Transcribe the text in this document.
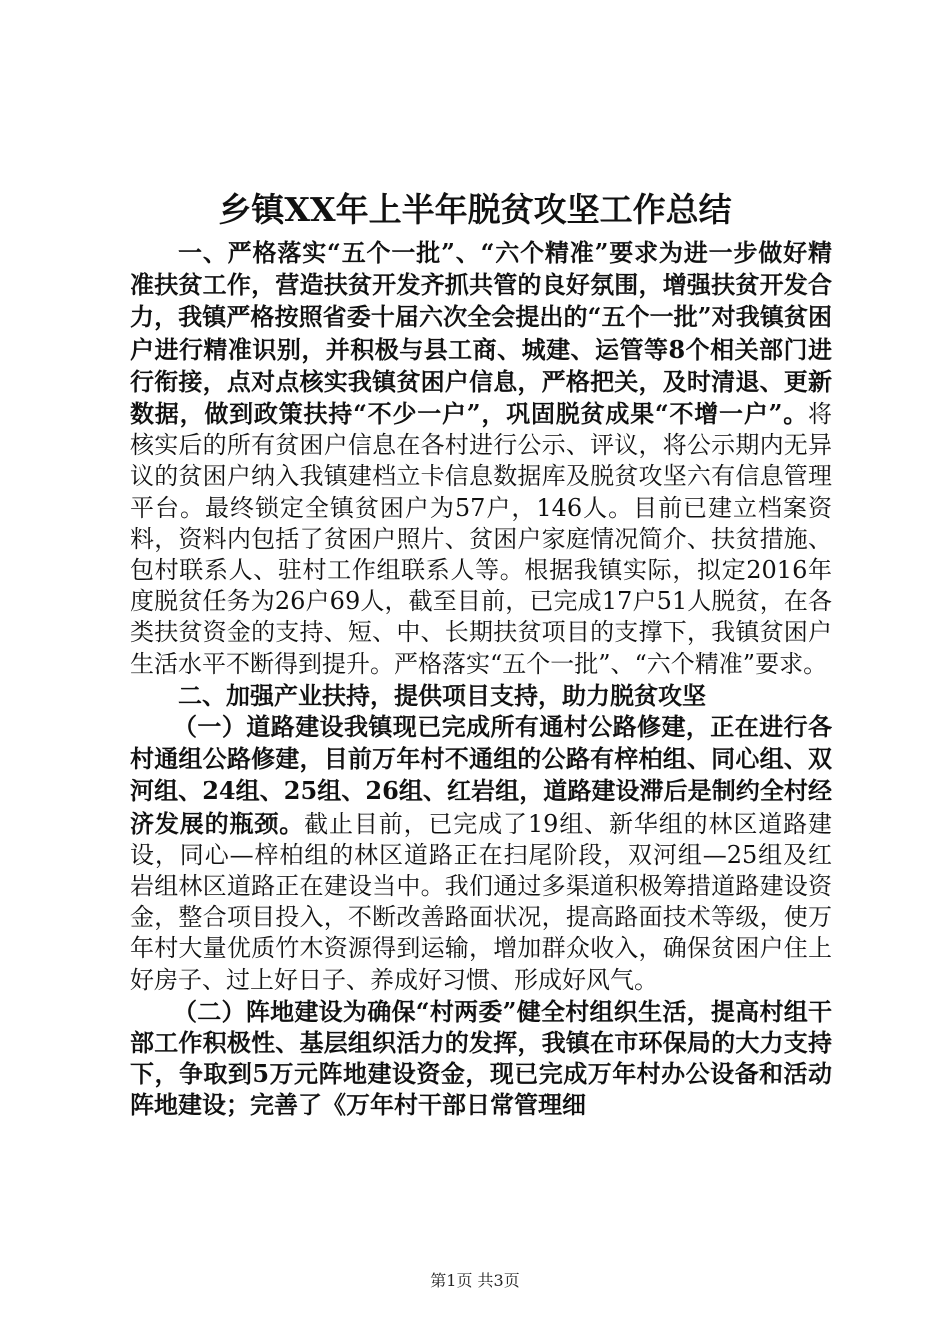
乡镇XX年上半年脱贫攻坚工作总结

一、严格落实“五个一批”、“六个精准”要求为进一步做好精准扶贫工作，营造扶贫开发齐抓共管的良好氛围，增强扶贫开发合力，我镇严格按照省委十届六次全会提出的“五个一批”对我镇贫困户进行精准识别，并积极与县工商、城建、运管等8个相关部门进行衔接，点对点核实我镇贫困户信息，严格把关，及时清退、更新数据，做到政策扶持“不少一户”，巩固脱贫成果“不增一户”。将核实后的所有贫困户信息在各村进行公示、评议，将公示期内无异议的贫困户纳入我镇建档立卡信息数据库及脱贫攻坚六有信息管理平台。最终锁定全镇贫困户为57户，146人。目前已建立档案资料，资料内包括了贫困户照片、贫困户家庭情况简介、扶贫措施、包村联系人、驻村工作组联系人等。根据我镇实际，拟定2016年度脱贫任务为26户69人，截至目前，已完成17户51人脱贫，在各类扶贫资金的支持、短、中、长期扶贫项目的支撑下，我镇贫困户生活水平不断得到提升。严格落实“五个一批”、“六个精准”要求。

二、加强产业扶持，提供项目支持，助力脱贫攻坚

（一）道路建设我镇现已完成所有通村公路修建，正在进行各村通组公路修建，目前万年村不通组的公路有梓柏组、同心组、双河组、24组、25组、26组、红岩组，道路建设滞后是制约全村经济发展的瓶颈。截止目前，已完成了19组、新华组的林区道路建设，同心—梓柏组的林区道路正在扫尾阶段，双河组—25组及红岩组林区道路正在建设当中。我们通过多渠道积极筹措道路建设资金，整合项目投入，不断改善路面状况，提高路面技术等级，使万年村大量优质竹木资源得到运输，增加群众收入，确保贫困户住上好房子、过上好日子、养成好习惯、形成好风气。

（二）阵地建设为确保“村两委”健全村组织生活，提高村组干部工作积极性、基层组织活力的发挥，我镇在市环保局的大力支持下，争取到5万元阵地建设资金，现已完成万年村办公设备和活动阵地建设；完善了《万年村干部日常管理细

第1页 共3页
